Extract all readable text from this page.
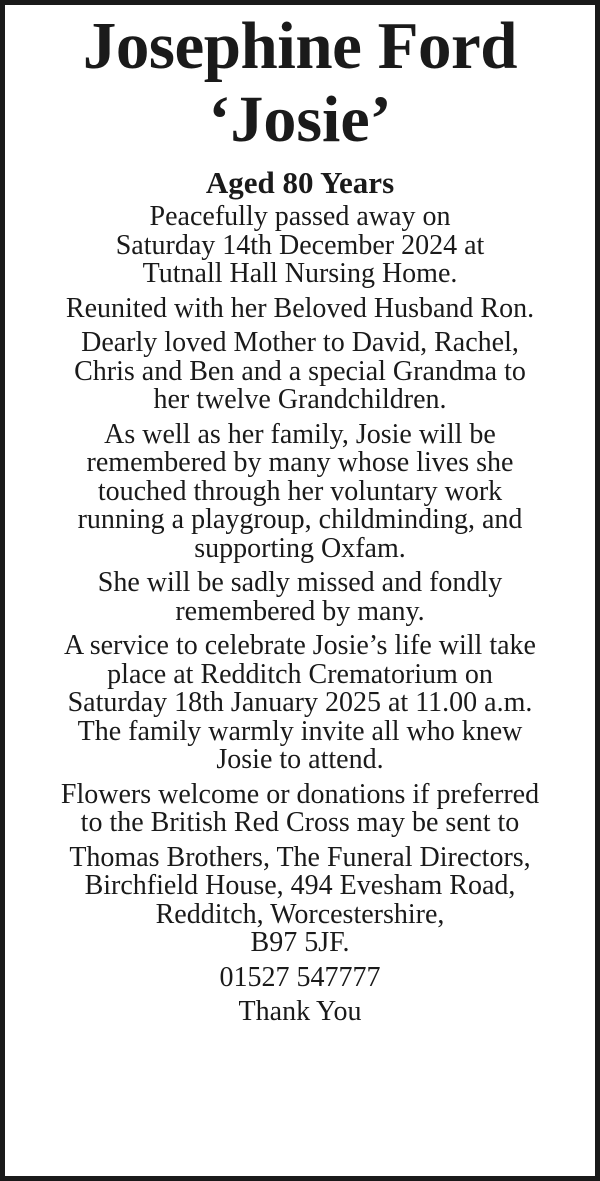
Josephine Ford
‘Josie’
Aged 80 Years

Peacefully passed away on
Saturday 14th December 2024 at
Tutnall Hall Nursing Home.

Reunited with her Beloved Husband Ron.

Dearly loved Mother to David, Rachel,
Chris and Ben and a special Grandma to
her twelve Grandchildren.

As well as her family, Josie will be
remembered by many whose lives she
touched through her voluntary work
running a playgroup, childminding, and
supporting Oxfam.

She will be sadly missed and fondly
remembered by many.

A service to celebrate Josie’s life will take
place at Redditch Crematorium on
Saturday 18th January 2025 at 11.00 a.m.
The family warmly invite all who knew
Josie to attend.

Flowers welcome or donations if preferred
to the British Red Cross may be sent to

Thomas Brothers, The Funeral Directors,
Birchfield House, 494 Evesham Road,
Redditch, Worcestershire,
B97 5JF.

01527 547777

Thank You
